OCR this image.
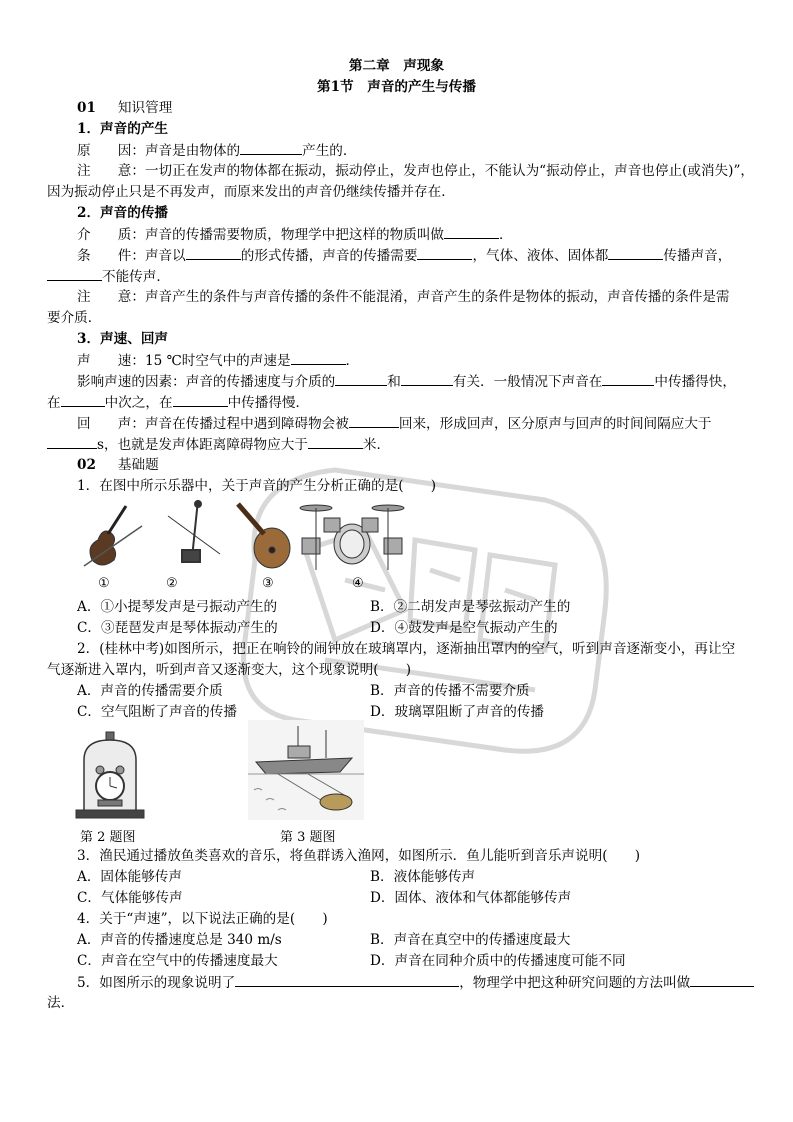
第二章　声现象
第1节　声音的产生与传播
01 知识管理
1．声音的产生
原　　因：声音是由物体的	产生的．
注　　意：一切正在发声的物体都在振动，振动停止，发声也停止，不能认为“振动停止，声音也停止(或消失)”，
因为振动停止只是不再发声，而原来发出的声音仍继续传播并存在．
2．声音的传播
介　　质：声音的传播需要物质，物理学中把这样的物质叫做	．
条　　件：声音以	的形式传播，声音的传播需要	，气体、液体、固体都	传播声音，
不能传声．
注　　意：声音产生的条件与声音传播的条件不能混淆，声音产生的条件是物体的振动，声音传播的条件是需
要介质．
3．声速、回声
声　　速：15 ℃时空气中的声速是	．
影响声速的因素：声音的传播速度与介质的	和	有关．一般情况下声音在	中传播得快，
在	中次之，在	中传播得慢．
回　　声：声音在传播过程中遇到障碍物会被	回来，形成回声，区分原声与回声的时间间隔应大于
s，也就是发声体距离障碍物应大于	米．
02 基础题
1．在图中所示乐器中，关于声音的产生分析正确的是(　　)
①	②	③	④
A．①小提琴发声是弓振动产生的	B．②二胡发声是琴弦振动产生的
C．③琵琶发声是琴体振动产生的	D．④鼓发声是空气振动产生的
2．(桂林中考)如图所示，把正在响铃的闹钟放在玻璃罩内，逐渐抽出罩内的空气，听到声音逐渐变小，再让空
气逐渐进入罩内，听到声音又逐渐变大，这个现象说明(　　)
A．声音的传播需要介质	B．声音的传播不需要介质
C．空气阻断了声音的传播	D．玻璃罩阻断了声音的传播
第 2 题图	第 3 题图
3．渔民通过播放鱼类喜欢的音乐，将鱼群诱入渔网，如图所示．鱼儿能听到音乐声说明(　　)
A．固体能够传声	B．液体能够传声
C．气体能够传声	D．固体、液体和气体都能够传声
4．关于“声速”，以下说法正确的是(　　)
A．声音的传播速度总是 340 m/s	B．声音在真空中的传播速度最大
C．声音在空气中的传播速度最大	D．声音在同种介质中的传播速度可能不同
5．如图所示的现象说明了	，物理学中把这种研究问题的方法叫做
法．
